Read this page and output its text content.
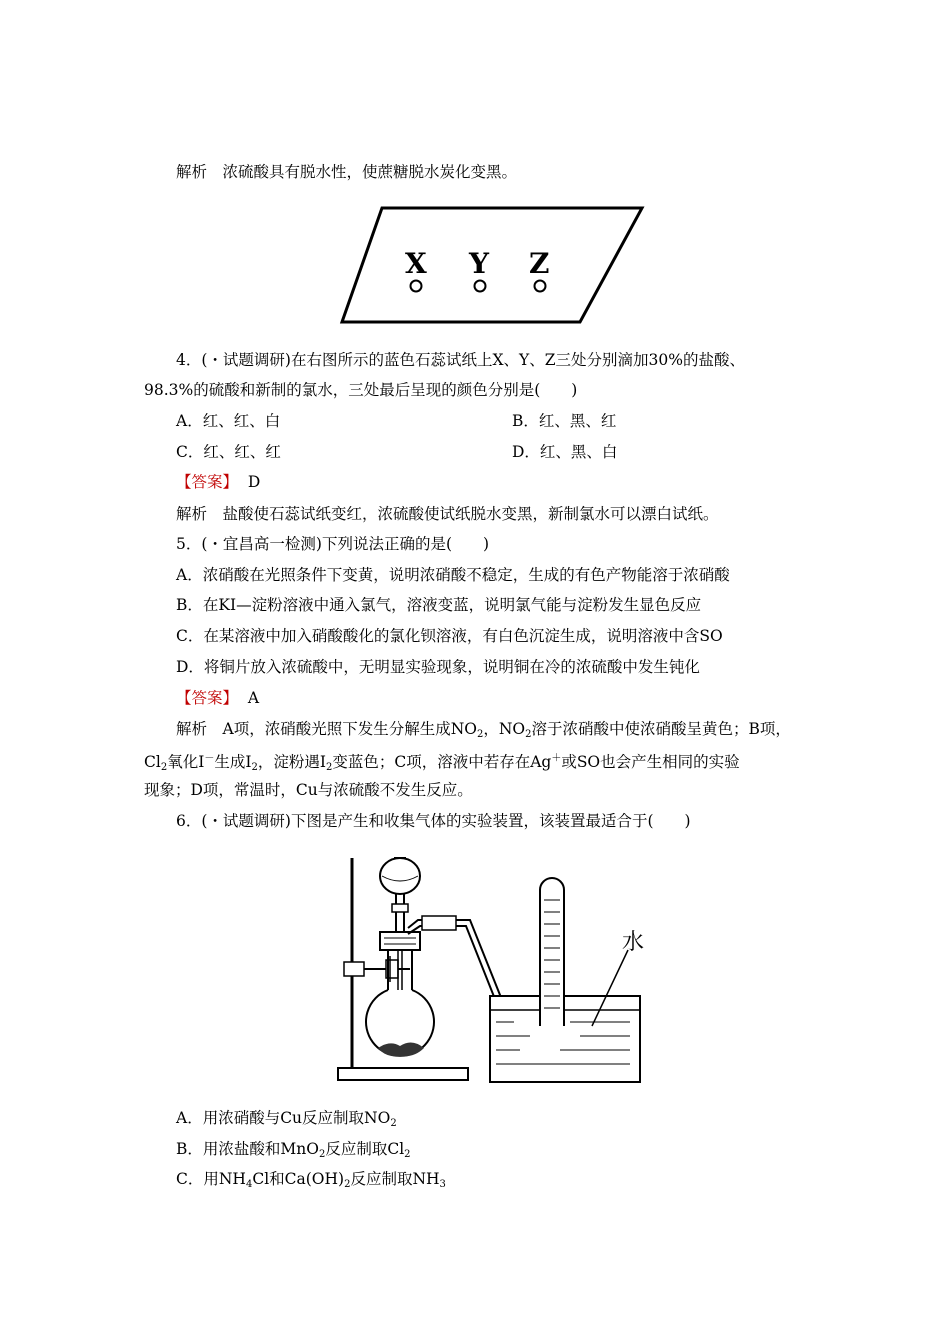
解析　浓硫酸具有脱水性，使蔗糖脱水炭化变黑。
X Y Z
4．(・试题调研)在右图所示的蓝色石蕊试纸上X、Y、Z三处分别滴加30%的盐酸、
98.3%的硫酸和新制的氯水，三处最后呈现的颜色分别是(　　)
A．红、红、白	B．红、黑、红
C．红、红、红	D．红、黑、白
【答案】 D
解析　盐酸使石蕊试纸变红，浓硫酸使试纸脱水变黑，新制氯水可以漂白试纸。
5．(・宜昌高一检测)下列说法正确的是(　　)
A．浓硝酸在光照条件下变黄，说明浓硝酸不稳定，生成的有色产物能溶于浓硝酸
B．在KI—淀粉溶液中通入氯气，溶液变蓝，说明氯气能与淀粉发生显色反应
C．在某溶液中加入硝酸酸化的氯化钡溶液，有白色沉淀生成，说明溶液中含SO
D．将铜片放入浓硫酸中，无明显实验现象，说明铜在冷的浓硫酸中发生钝化
【答案】 A
解析　A项，浓硝酸光照下发生分解生成$NO_2$，$NO_2$溶于浓硝酸中使浓硝酸呈黄色；B项，
$Cl_2$氧化I－生成$I_2$，淀粉遇$I_2$变蓝色；C项，溶液中若存在Ag＋或SO也会产生相同的实验
现象；D项，常温时，Cu与浓硫酸不发生反应。
6．(・试题调研)下图是产生和收集气体的实验装置，该装置最适合于(　　)
水
A．用浓硝酸与Cu反应制取$NO_2$
B．用浓盐酸和MnO$_2$反应制取$Cl_2$
C．用$NH_4Cl$和$Ca(OH)_2$反应制取$NH_3$
